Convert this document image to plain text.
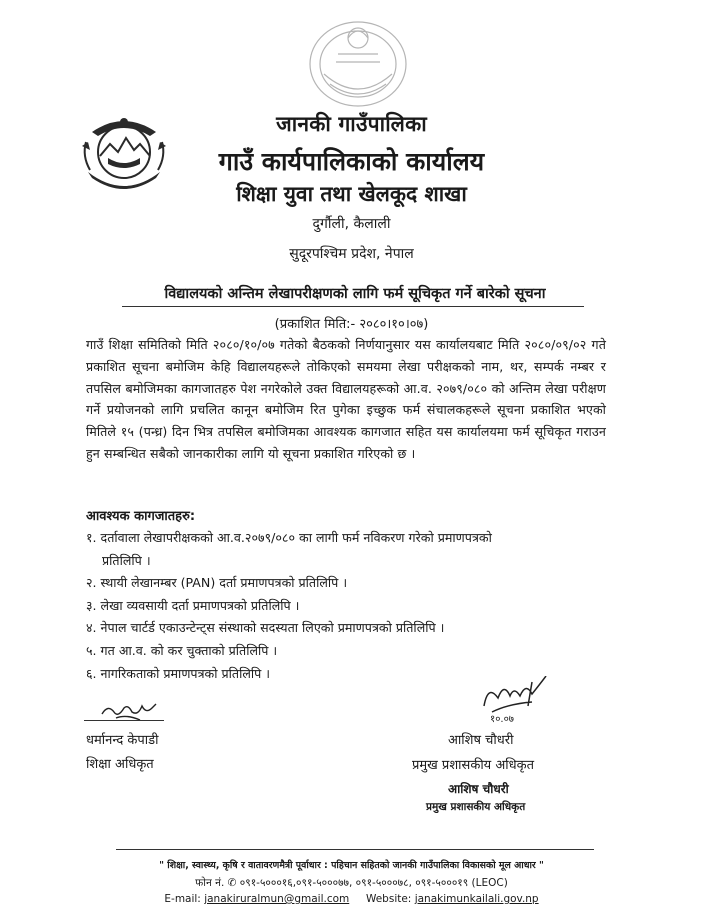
जानकी गाउँपालिका
गाउँ कार्यपालिकाको कार्यालय
शिक्षा युवा तथा खेलकूद शाखा
दुर्गौली, कैलाली
सुदूरपश्चिम प्रदेश, नेपाल
विद्यालयको अन्तिम लेखापरीक्षणको लागि फर्म सूचिकृत गर्ने बारेको सूचना
(प्रकाशित मिति:- २०८०।१०।०७)
गाउँ शिक्षा समितिको मिति २०८०/१०/०७ गतेको बैठकको निर्णयानुसार यस कार्यालयबाट मिति २०८०/०९/०२ गते प्रकाशित सूचना बमोजिम केहि विद्यालयहरूले तोकिएको समयमा लेखा परीक्षकको नाम, थर, सम्पर्क नम्बर र तपसिल बमोजिमका कागजातहरु पेश नगरेकोले उक्त विद्यालयहरूको आ.व. २०७९/०८० को अन्तिम लेखा परीक्षण गर्ने प्रयोजनको लागि प्रचलित कानून बमोजिम रित पुगेका इच्छुक फर्म संचालकहरूले सूचना प्रकाशित भएको मितिले १५ (पन्ध्र) दिन भित्र तपसिल बमोजिमका आवश्यक कागजात सहित यस कार्यालयमा फर्म सूचिकृत गराउन हुन सम्बन्धित सबैको जानकारीका लागि यो सूचना प्रकाशित गरिएको छ ।
आवश्यक कागजातहरु:
१. दर्तावाला लेखापरीक्षकको आ.व.२०७९/०८० का लागी फर्म नविकरण गरेको प्रमाणपत्रको
प्रतिलिपि ।
२. स्थायी लेखानम्बर (PAN) दर्ता प्रमाणपत्रको प्रतिलिपि ।
३. लेखा व्यवसायी दर्ता प्रमाणपत्रको प्रतिलिपि ।
४. नेपाल चार्टर्ड एकाउन्टेन्ट्स संस्थाको सदस्यता लिएको प्रमाणपत्रको प्रतिलिपि ।
५. गत आ.व. को कर चुक्ताको प्रतिलिपि ।
६. नागरिकताको प्रमाणपत्रको प्रतिलिपि ।
धर्मानन्द केपाडी
शिक्षा अधिकृत
१०.०७
आशिष चौधरी
प्रमुख प्रशासकीय अधिकृत
आशिष चौधरी
प्रमुख प्रशासकीय अधिकृत
" शिक्षा, स्वास्थ्य, कृषि र वातावरणमैत्री पूर्वाधार : पहिचान सहितको जानकी गाउँपालिका विकासको मूल आधार "
फोन नं. ✆ ०९१-५०००१६,०९१-५०००७७, ०९१-५०००७८, ०९१-५०००१९ (LEOC)
E-mail: janakiruralmun@gmail.com Website: janakimunkailali.gov.np
